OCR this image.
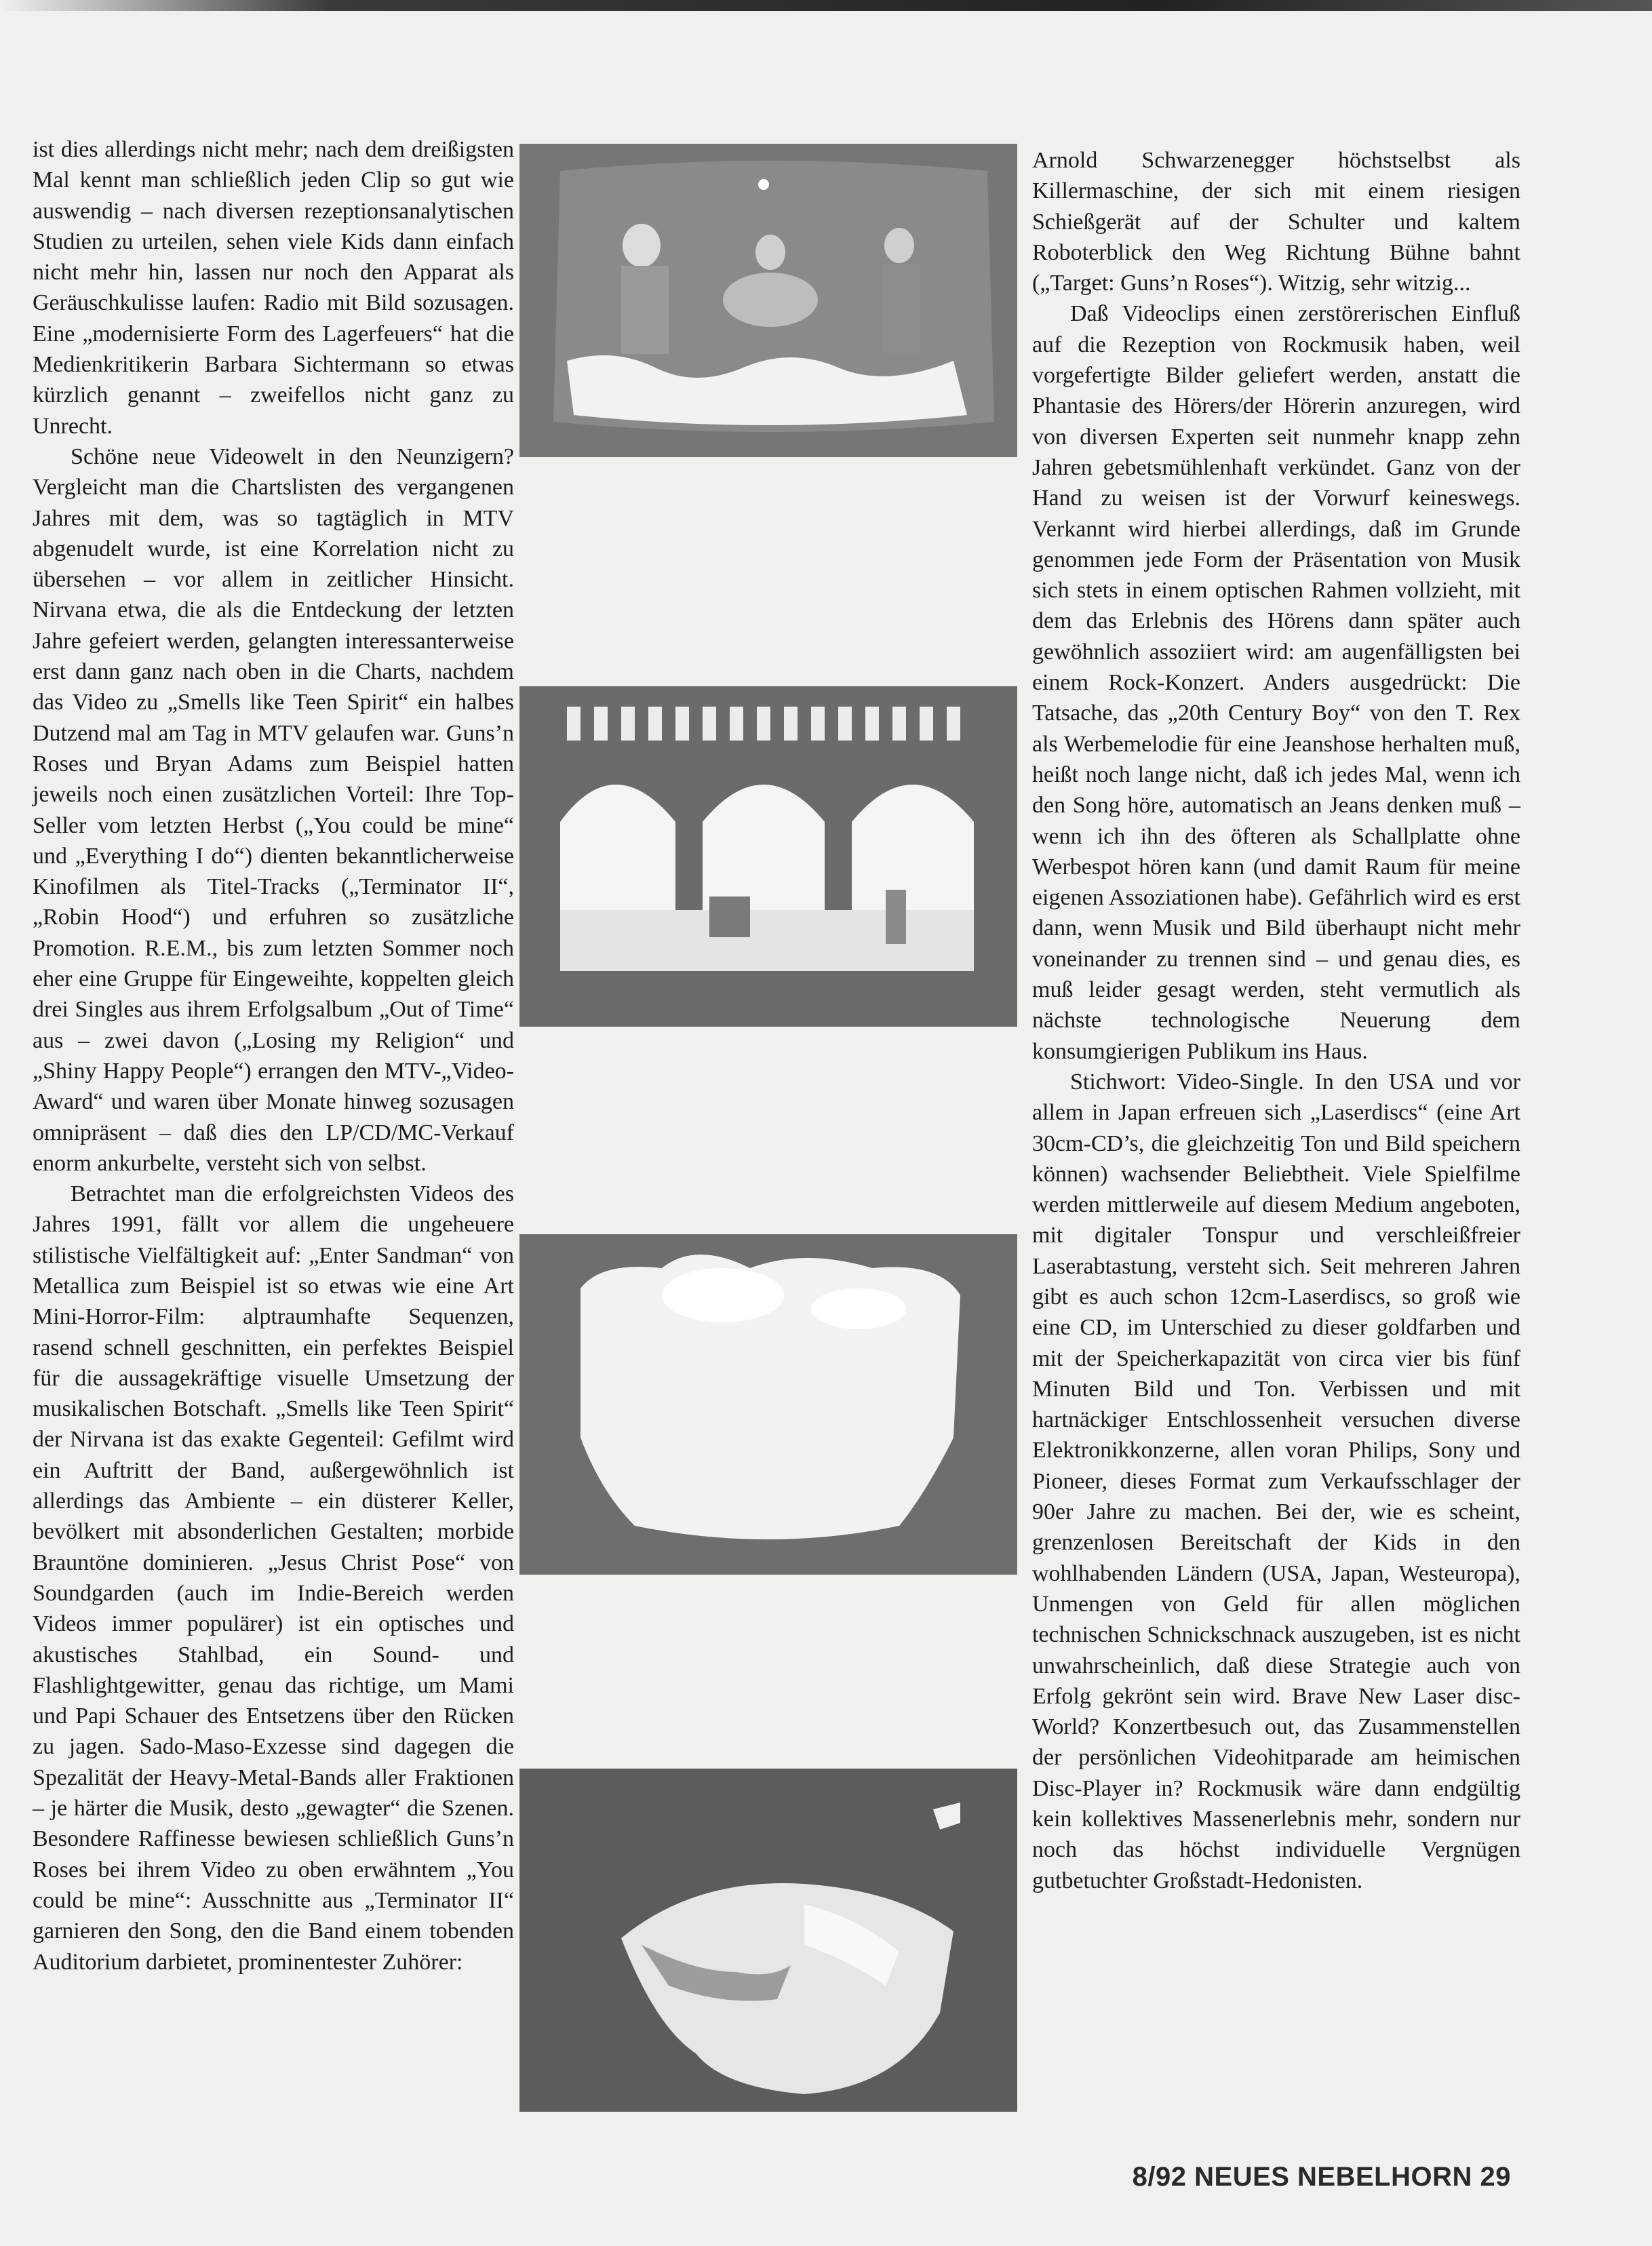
ist dies allerdings nicht mehr; nach dem dreißigsten Mal kennt man schließlich jeden Clip so gut wie auswendig – nach diversen rezeptionsanalytischen Studien zu urteilen, sehen viele Kids dann einfach nicht mehr hin, lassen nur noch den Apparat als Geräuschkulisse laufen: Radio mit Bild sozusagen. Eine „modernisierte Form des Lagerfeuers“ hat die Medienkritikerin Barbara Sichtermann so etwas kürzlich genannt – zweifellos nicht ganz zu Unrecht.

Schöne neue Videowelt in den Neunzigern? Vergleicht man die Chartslisten des vergangenen Jahres mit dem, was so tagtäglich in MTV abgenudelt wurde, ist eine Korrelation nicht zu übersehen – vor allem in zeitlicher Hinsicht. Nirvana etwa, die als die Entdeckung der letzten Jahre gefeiert werden, gelangten interessanterweise erst dann ganz nach oben in die Charts, nachdem das Video zu „Smells like Teen Spirit“ ein halbes Dutzend mal am Tag in MTV gelaufen war. Guns’n Roses und Bryan Adams zum Beispiel hatten jeweils noch einen zusätzlichen Vorteil: Ihre Top-Seller vom letzten Herbst („You could be mine“ und „Everything I do“) dienten bekanntlicherweise Kinofilmen als Titel-Tracks („Terminator II“, „Robin Hood“) und erfuhren so zusätzliche Promotion. R.E.M., bis zum letzten Sommer noch eher eine Gruppe für Eingeweihte, koppelten gleich drei Singles aus ihrem Erfolgsalbum „Out of Time“ aus – zwei davon („Losing my Religion“ und „Shiny Happy People“) errangen den MTV-„Video-Award“ und waren über Monate hinweg sozusagen omnipräsent – daß dies den LP/CD/MC-Verkauf enorm ankurbelte, versteht sich von selbst.

Betrachtet man die erfolgreichsten Videos des Jahres 1991, fällt vor allem die ungeheuere stilistische Vielfältigkeit auf: „Enter Sandman“ von Metallica zum Beispiel ist so etwas wie eine Art Mini-Horror-Film: alptraumhafte Sequenzen, rasend schnell geschnitten, ein perfektes Beispiel für die aussagekräftige visuelle Umsetzung der musikalischen Botschaft. „Smells like Teen Spirit“ der Nirvana ist das exakte Gegenteil: Gefilmt wird ein Auftritt der Band, außergewöhnlich ist allerdings das Ambiente – ein düsterer Keller, bevölkert mit absonderlichen Gestalten; morbide Brauntöne dominieren. „Jesus Christ Pose“ von Soundgarden (auch im Indie-Bereich werden Videos immer populärer) ist ein optisches und akustisches Stahlbad, ein Sound- und Flashlightgewitter, genau das richtige, um Mami und Papi Schauer des Entsetzens über den Rücken zu jagen. Sado-Maso-Exzesse sind dagegen die Spezalität der Heavy-Metal-Bands aller Fraktionen – je härter die Musik, desto „gewagter“ die Szenen. Besondere Raffinesse bewiesen schließlich Guns’n Roses bei ihrem Video zu oben erwähntem „You could be mine“: Ausschnitte aus „Terminator II“ garnieren den Song, den die Band einem tobenden Auditorium darbietet, prominentester Zuhörer:

Arnold Schwarzenegger höchstselbst als Killermaschine, der sich mit einem riesigen Schießgerät auf der Schulter und kaltem Roboterblick den Weg Richtung Bühne bahnt („Target: Guns’n Roses“). Witzig, sehr witzig...

Daß Videoclips einen zerstörerischen Einfluß auf die Rezeption von Rockmusik haben, weil vorgefertigte Bilder geliefert werden, anstatt die Phantasie des Hörers/der Hörerin anzuregen, wird von diversen Experten seit nunmehr knapp zehn Jahren gebetsmühlenhaft verkündet. Ganz von der Hand zu weisen ist der Vorwurf keineswegs. Verkannt wird hierbei allerdings, daß im Grunde genommen jede Form der Präsentation von Musik sich stets in einem optischen Rahmen vollzieht, mit dem das Erlebnis des Hörens dann später auch gewöhnlich assoziiert wird: am augenfälligsten bei einem Rock-Konzert. Anders ausgedrückt: Die Tatsache, das „20th Century Boy“ von den T. Rex als Werbemelodie für eine Jeanshose herhalten muß, heißt noch lange nicht, daß ich jedes Mal, wenn ich den Song höre, automatisch an Jeans denken muß – wenn ich ihn des öfteren als Schallplatte ohne Werbespot hören kann (und damit Raum für meine eigenen Assoziationen habe). Gefährlich wird es erst dann, wenn Musik und Bild überhaupt nicht mehr voneinander zu trennen sind – und genau dies, es muß leider gesagt werden, steht vermutlich als nächste technologische Neuerung dem konsumgierigen Publikum ins Haus.

Stichwort: Video-Single. In den USA und vor allem in Japan erfreuen sich „Laserdiscs“ (eine Art 30cm-CD’s, die gleichzeitig Ton und Bild speichern können) wachsender Beliebtheit. Viele Spielfilme werden mittlerweile auf diesem Medium angeboten, mit digitaler Tonspur und verschleißfreier Laserabtastung, versteht sich. Seit mehreren Jahren gibt es auch schon 12cm-Laserdiscs, so groß wie eine CD, im Unterschied zu dieser goldfarben und mit der Speicherkapazität von circa vier bis fünf Minuten Bild und Ton. Verbissen und mit hartnäckiger Entschlossenheit versuchen diverse Elektronikkonzerne, allen voran Philips, Sony und Pioneer, dieses Format zum Verkaufsschlager der 90er Jahre zu machen. Bei der, wie es scheint, grenzenlosen Bereitschaft der Kids in den wohlhabenden Ländern (USA, Japan, Westeuropa), Unmengen von Geld für allen möglichen technischen Schnickschnack auszugeben, ist es nicht unwahrscheinlich, daß diese Strategie auch von Erfolg gekrönt sein wird. Brave New Laser disc-World? Konzertbesuch out, das Zusammenstellen der persönlichen Videohitparade am heimischen Disc-Player in? Rockmusik wäre dann endgültig kein kollektives Massenerlebnis mehr, sondern nur noch das höchst individuelle Vergnügen gutbetuchter Großstadt-Hedonisten.

8/92 NEUES NEBELHORN 29
